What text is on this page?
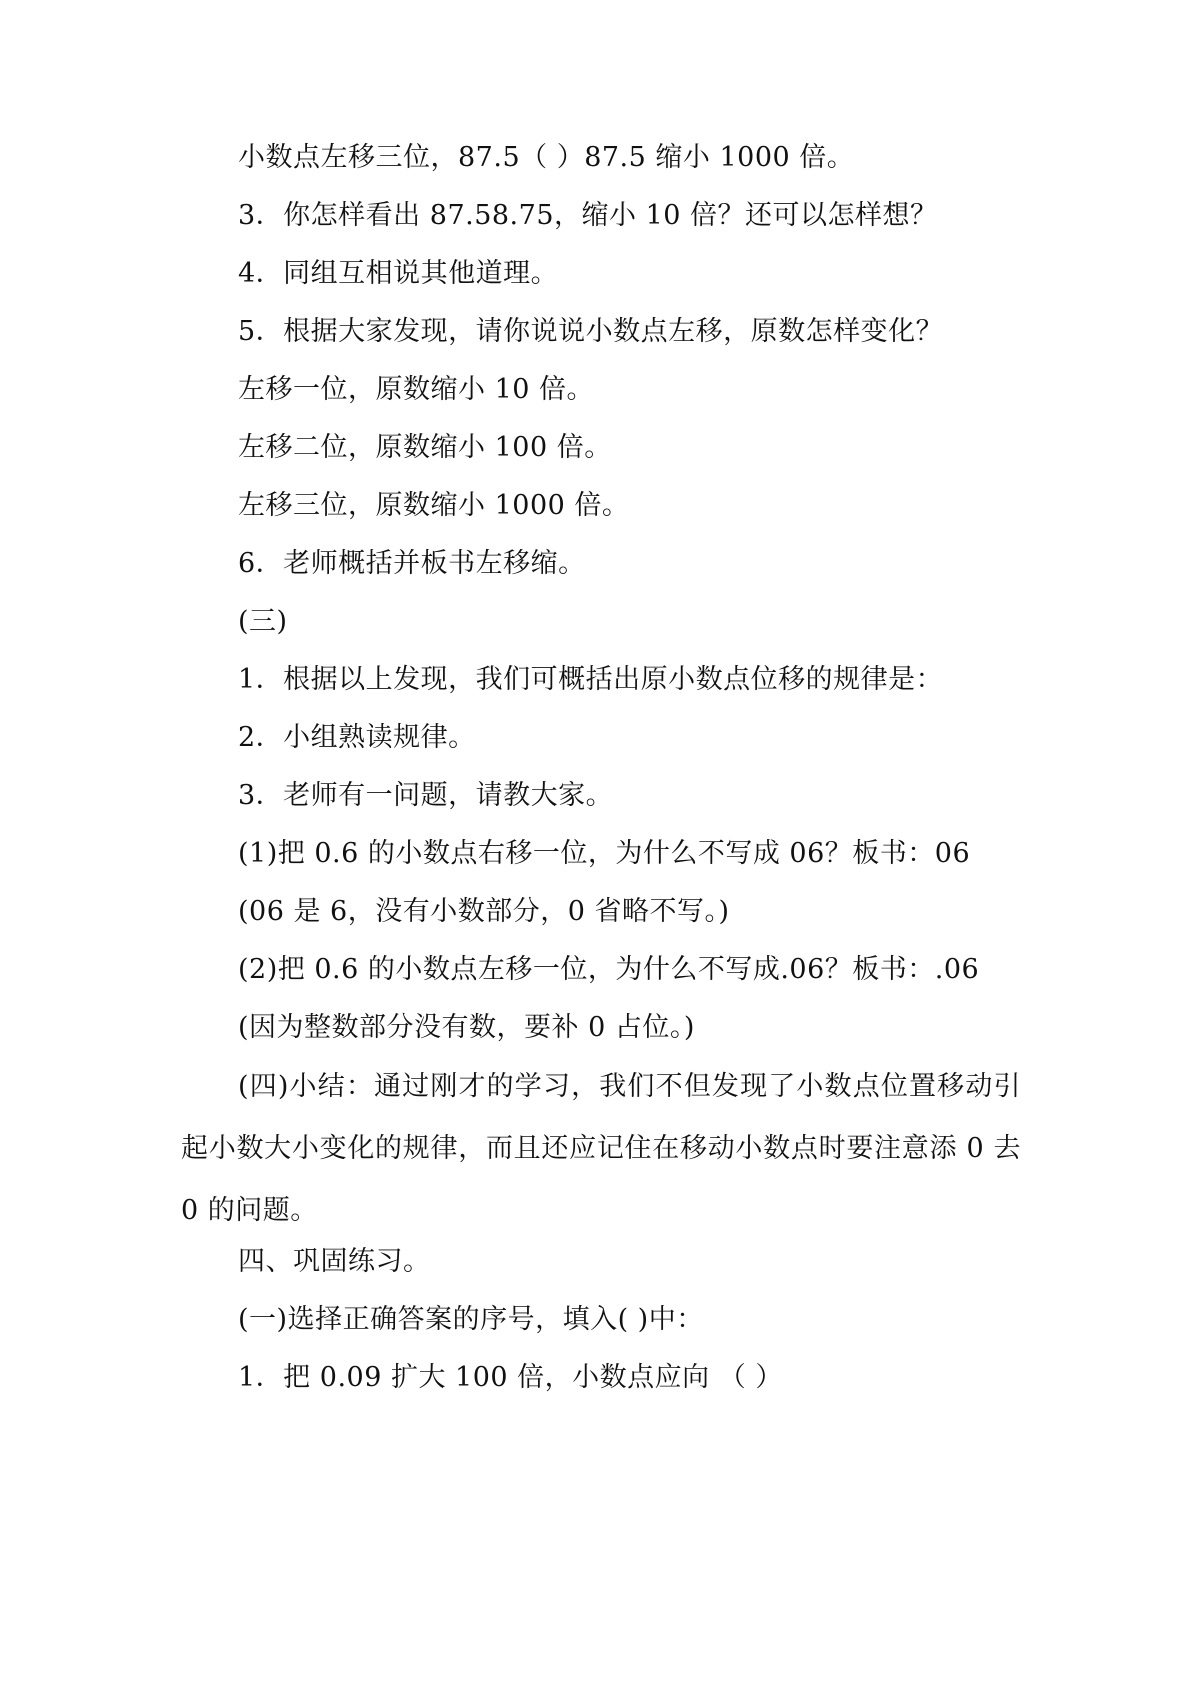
小数点左移三位，87.5（ ）87.5 缩小 1000 倍。
3．你怎样看出 87.58.75，缩小 10 倍？还可以怎样想？
4．同组互相说其他道理。
5．根据大家发现，请你说说小数点左移，原数怎样变化？
左移一位，原数缩小 10 倍。
左移二位，原数缩小 100 倍。
左移三位，原数缩小 1000 倍。
6．老师概括并板书左移缩。
(三)
1．根据以上发现，我们可概括出原小数点位移的规律是：
2．小组熟读规律。
3．老师有一问题，请教大家。
(1)把 0.6 的小数点右移一位，为什么不写成 06？板书：06
(06 是 6，没有小数部分，0 省略不写。)
(2)把 0.6 的小数点左移一位，为什么不写成.06？板书：.06
(因为整数部分没有数，要补 0 占位。)
(四)小结：通过刚才的学习，我们不但发现了小数点位置移动引起小数大小变化的规律，而且还应记住在移动小数点时要注意添 0 去 0 的问题。
四、巩固练习。
(一)选择正确答案的序号，填入( )中：
1．把 0.09 扩大 100 倍，小数点应向 （ ）
